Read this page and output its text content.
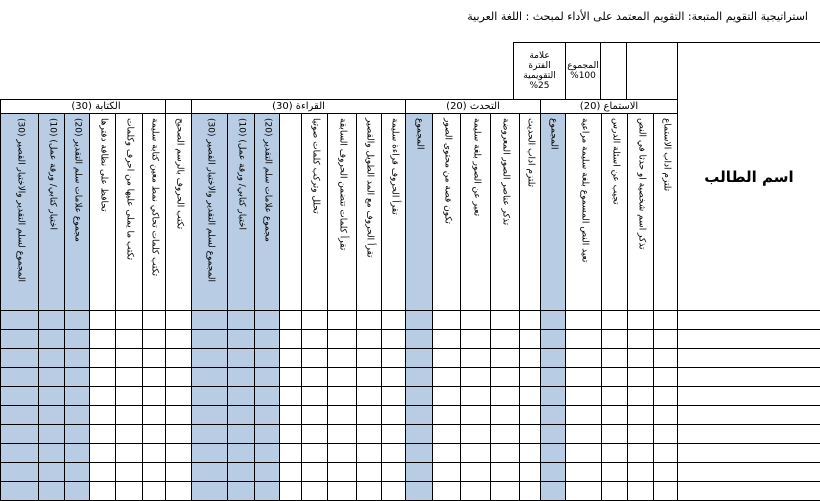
استراتيجية التقويم المتبعة: التقويم المعتمد على الأداء لمبحث : اللغة العربية
اسم الطالب
المجموع
%100
علامة
الفترة
التقويمية
%25
الاستماع (20)
تلتزم اداب الاستماع
تذكر اسم شخصية او حدثا في النص
تجيب عن اسئلة الدرس
تعيد النص المسموع بلغة سليمة مراعية
المجموع
التحدث (20)
تلتزم اداب الحديث
تذكر عناصر الصور المعروضة
تعبر عن الصور بلغة سليمة
تكون قصة من محتوى الصور
المجموع
القراءة (30)
تقرأ الحروف قراءة سليمة
تقرأ الحروف مع المد الطويل والقصير
تقرأ كلمات تتضمن الحروف السابقة
تحلل وتركب كلمات صوتيا
مجموع علامات سلم التقدير (20)
اختبار كتابي/ ورقة عمل) (10)
المجموع لسلم التقدير والاختبار القصير (30)
الكتابة (30)
تكتب الحروف بالرسم الصحيح
تكتب كلمات تحاكي نمط معين كتابة سليمة
تكتب ما يملى عليها من احرف وكلمات
تحافظ على نظافة دفترها
مجموع علامات سلم التقدير (20)
اختبار كتابي/ ورقة عمل) (10)
المجموع لسلم التقدير والاختبار القصير (30)
